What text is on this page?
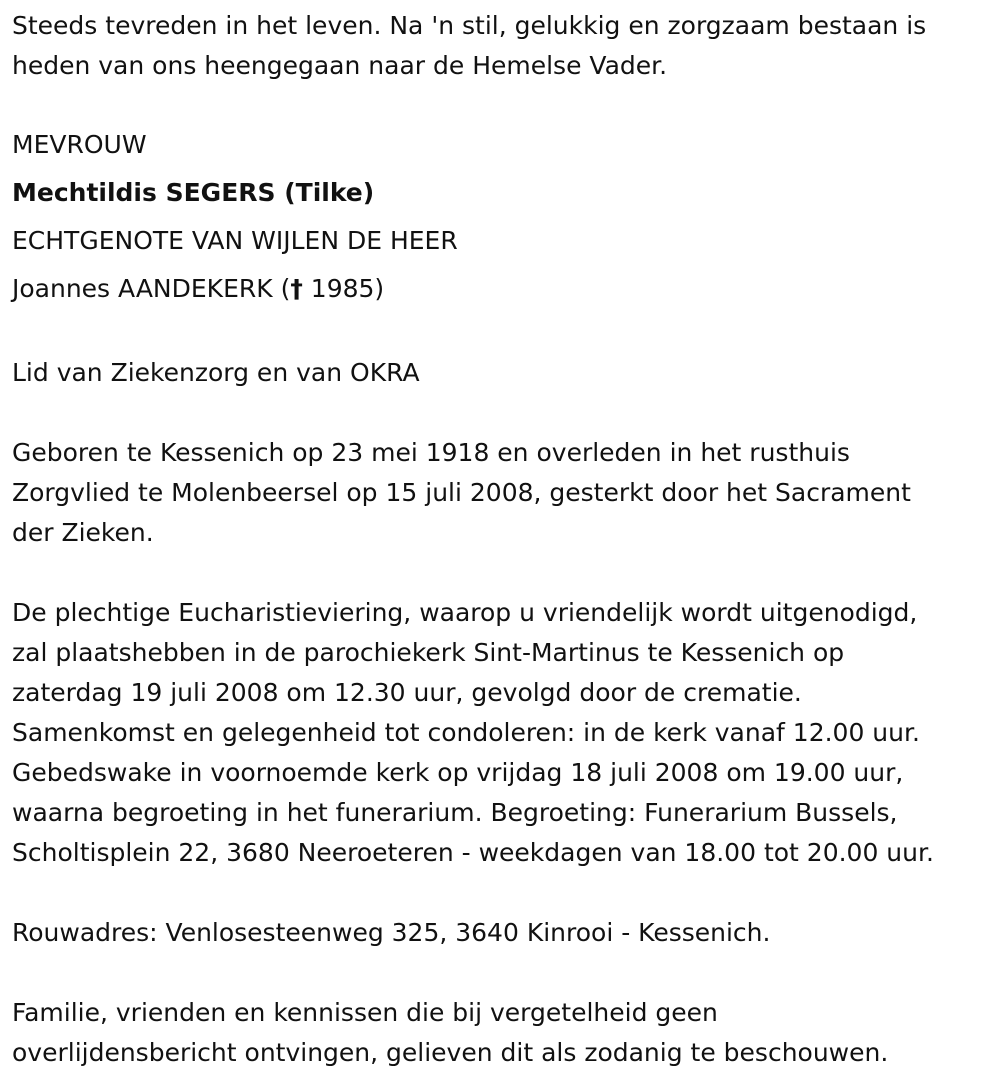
Steeds tevreden in het leven. Na 'n stil, gelukkig en zorgzaam bestaan is
heden van ons heengegaan naar de Hemelse Vader.

MEVROUW
Mechtildis SEGERS (Tilke)
ECHTGENOTE VAN WIJLEN DE HEER
Joannes AANDEKERK († 1985)

Lid van Ziekenzorg en van OKRA

Geboren te Kessenich op 23 mei 1918 en overleden in het rusthuis
Zorgvlied te Molenbeersel op 15 juli 2008, gesterkt door het Sacrament
der Zieken.

De plechtige Eucharistieviering, waarop u vriendelijk wordt uitgenodigd,
zal plaatshebben in de parochiekerk Sint-Martinus te Kessenich op
zaterdag 19 juli 2008 om 12.30 uur, gevolgd door de crematie.
Samenkomst en gelegenheid tot condoleren: in de kerk vanaf 12.00 uur.
Gebedswake in voornoemde kerk op vrijdag 18 juli 2008 om 19.00 uur,
waarna begroeting in het funerarium. Begroeting: Funerarium Bussels,
Scholtisplein 22, 3680 Neeroeteren - weekdagen van 18.00 tot 20.00 uur.

Rouwadres: Venlosesteenweg 325, 3640 Kinrooi - Kessenich.

Familie, vrienden en kennissen die bij vergetelheid geen
overlijdensbericht ontvingen, gelieven dit als zodanig te beschouwen.
